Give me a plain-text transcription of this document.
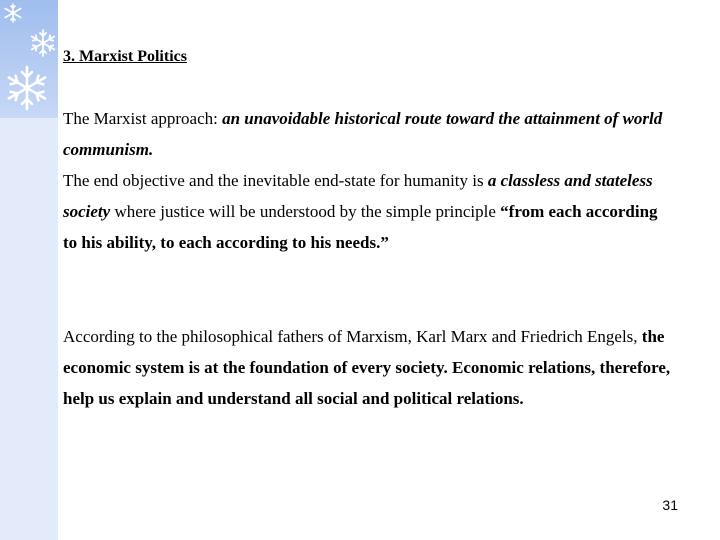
3. Marxist Politics

The Marxist approach: an unavoidable historical route toward the attainment of world communism.

The end objective and the inevitable end-state for humanity is a classless and stateless society where justice will be understood by the simple principle “from each according to his ability, to each according to his needs.”

According to the philosophical fathers of Marxism, Karl Marx and Friedrich Engels, the economic system is at the foundation of every society. Economic relations, therefore, help us explain and understand all social and political relations.

31
